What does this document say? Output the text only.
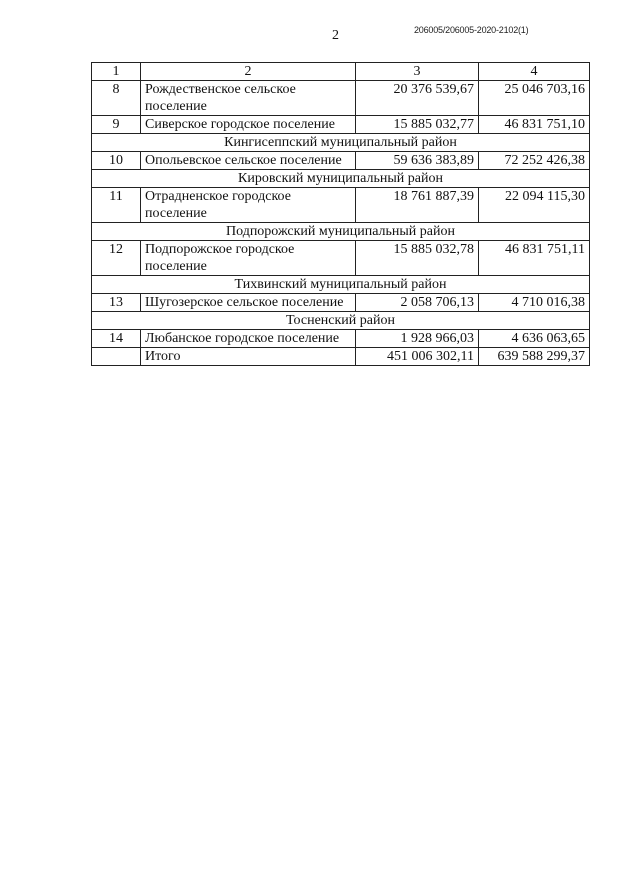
206005/206005-2020-2102(1)
2
1	2	3	4
8	Рождественское сельское поселение	20 376 539,67	25 046 703,16
9	Сиверское городское поселение	15 885 032,77	46 831 751,10
Кингисеппский муниципальный район			
10	Опольевское сельское поселение	59 636 383,89	72 252 426,38
Кировский муниципальный район			
11	Отрадненское городское поселение	18 761 887,39	22 094 115,30
Подпорожский муниципальный район			
12	Подпорожское городское поселение	15 885 032,78	46 831 751,11
Тихвинский муниципальный район			
13	Шугозерское сельское поселение	2 058 706,13	4 710 016,38
Тосненский район			
14	Любанское городское поселение	1 928 966,03	4 636 063,65
	Итого	451 006 302,11	639 588 299,37
